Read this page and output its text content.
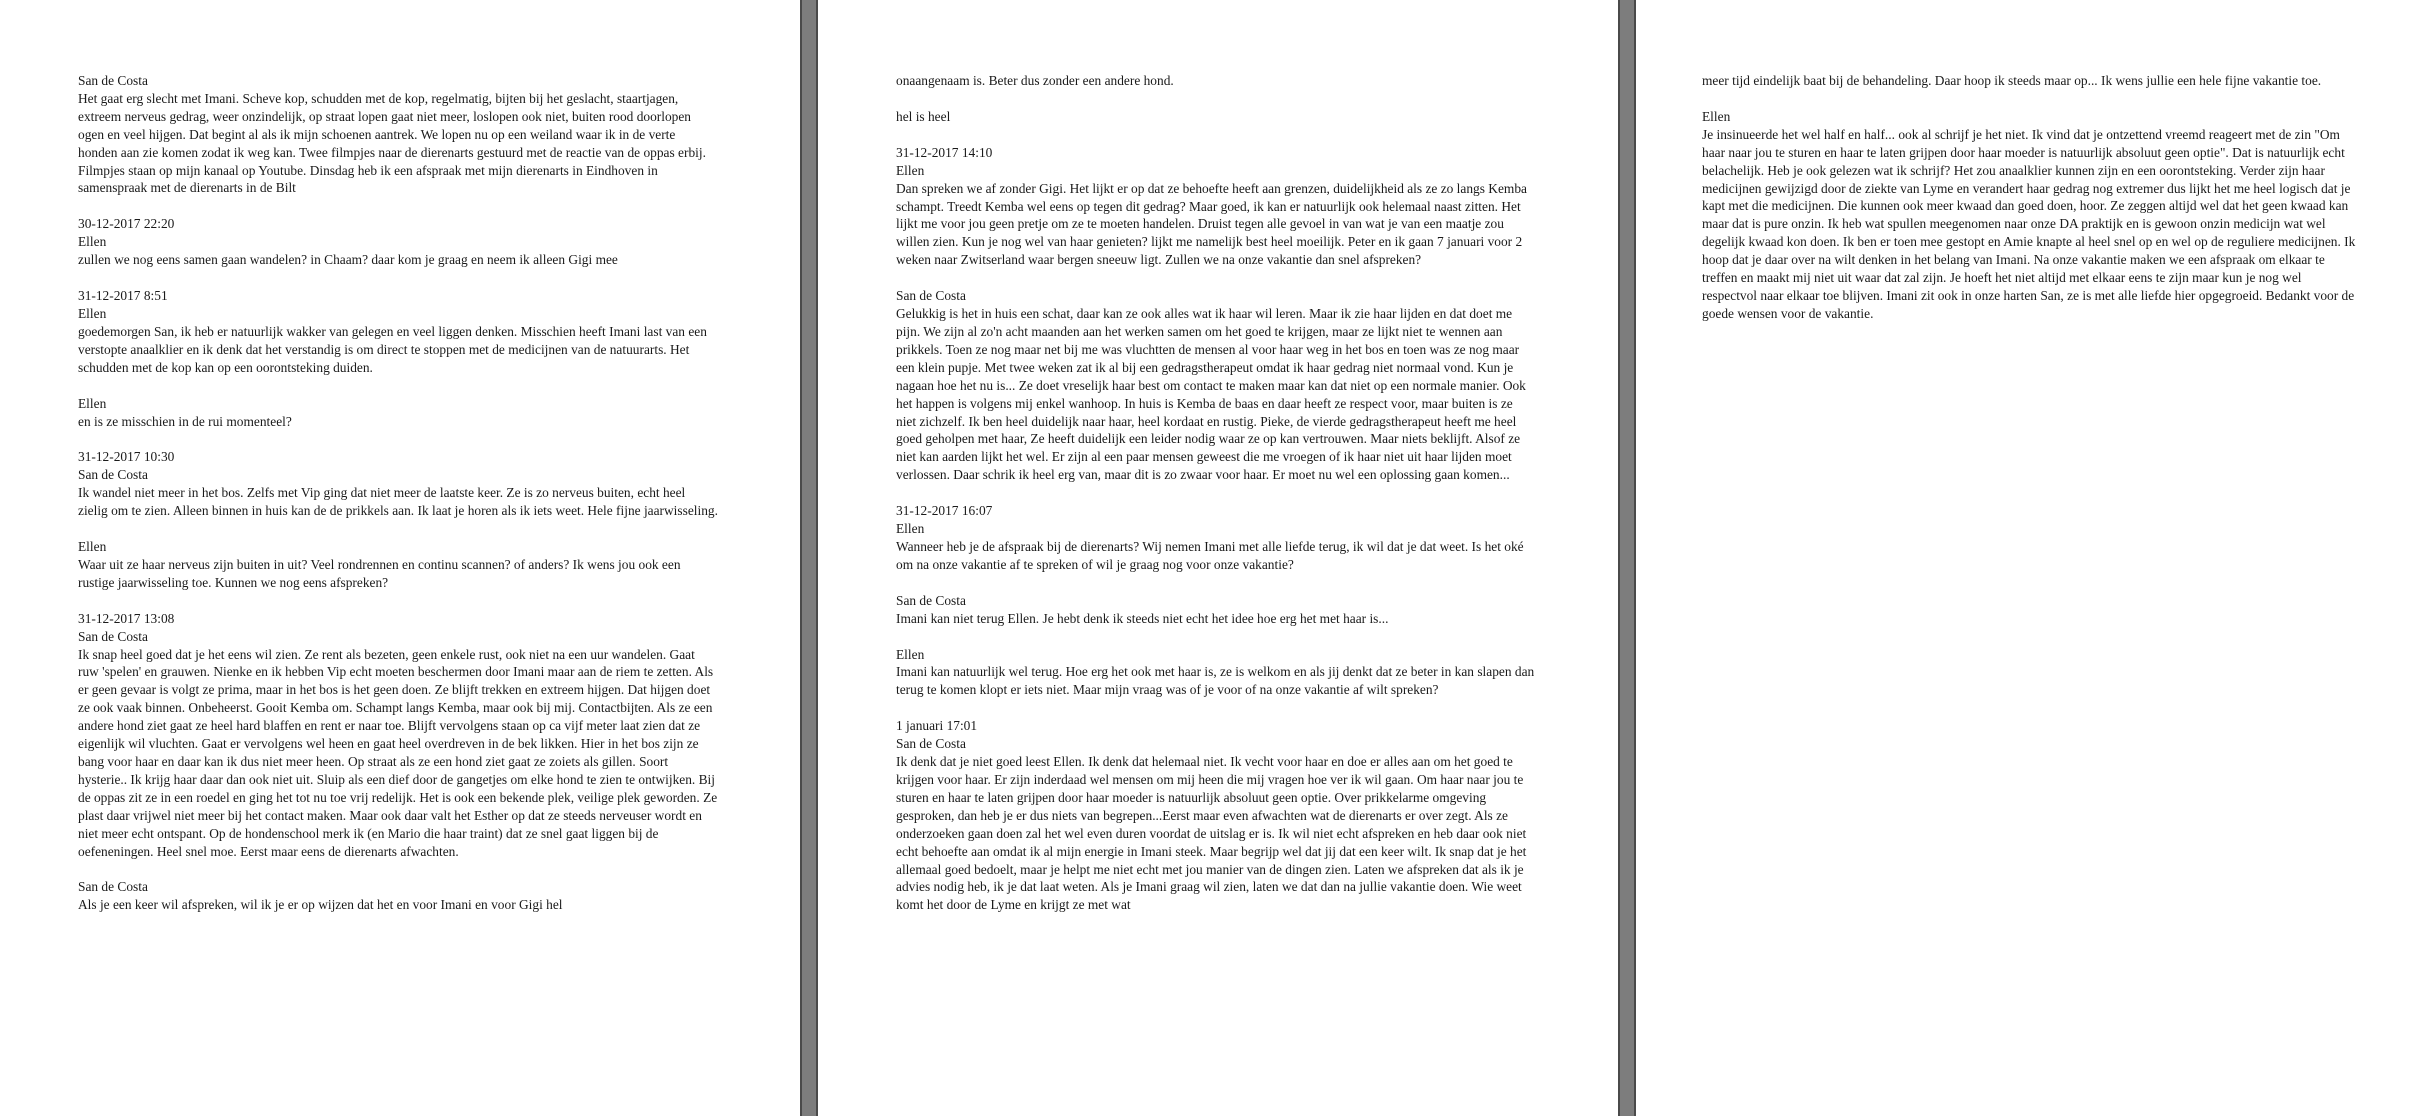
San de Costa
Het gaat erg slecht met Imani. Scheve kop, schudden met de kop, regelmatig, bijten bij het geslacht, staartjagen, extreem nerveus gedrag, weer onzindelijk, op straat lopen gaat niet meer, loslopen ook niet, buiten rood doorlopen ogen en veel hijgen. Dat begint al als ik mijn schoenen aantrek. We lopen nu op een weiland waar ik in de verte honden aan zie komen zodat ik weg kan. Twee filmpjes naar de dierenarts gestuurd met de reactie van de oppas erbij. Filmpjes staan op mijn kanaal op Youtube. Dinsdag heb ik een afspraak met mijn dierenarts in Eindhoven in samenspraak met de dierenarts in de Bilt
30-12-2017 22:20
Ellen
zullen we nog eens samen gaan wandelen? in Chaam? daar kom je graag en neem ik alleen Gigi mee
31-12-2017 8:51
Ellen
goedemorgen San, ik heb er natuurlijk wakker van gelegen en veel liggen denken. Misschien heeft Imani last van een verstopte anaalklier en ik denk dat het verstandig is om direct te stoppen met de medicijnen van de natuurarts. Het schudden met de kop kan op een oorontsteking duiden.
Ellen
en is ze misschien in de rui momenteel?
31-12-2017 10:30
San de Costa
Ik wandel niet meer in het bos. Zelfs met Vip ging dat niet meer de laatste keer. Ze is zo nerveus buiten, echt heel zielig om te zien. Alleen binnen in huis kan de de prikkels aan. Ik laat je horen als ik iets weet. Hele fijne jaarwisseling.
Ellen
Waar uit ze haar nerveus zijn buiten in uit? Veel rondrennen en continu scannen? of anders? Ik wens jou ook een rustige jaarwisseling toe. Kunnen we nog eens afspreken?
31-12-2017 13:08
San de Costa
Ik snap heel goed dat je het eens wil zien. Ze rent als bezeten, geen enkele rust, ook niet na een uur wandelen. Gaat ruw 'spelen' en grauwen. Nienke en ik hebben Vip echt moeten beschermen door Imani maar aan de riem te zetten. Als er geen gevaar is volgt ze prima, maar in het bos is het geen doen. Ze blijft trekken en extreem hijgen. Dat hijgen doet ze ook vaak binnen. Onbeheerst. Gooit Kemba om. Schampt langs Kemba, maar ook bij mij. Contactbijten. Als ze een andere hond ziet gaat ze heel hard blaffen en rent er naar toe. Blijft vervolgens staan op ca vijf meter laat zien dat ze eigenlijk wil vluchten. Gaat er vervolgens wel heen en gaat heel overdreven in de bek likken. Hier in het bos zijn ze bang voor haar en daar kan ik dus niet meer heen. Op straat als ze een hond ziet gaat ze zoiets als gillen. Soort hysterie.. Ik krijg haar daar dan ook niet uit. Sluip als een dief door de gangetjes om elke hond te zien te ontwijken. Bij de oppas zit ze in een roedel en ging het tot nu toe vrij redelijk. Het is ook een bekende plek, veilige plek geworden. Ze plast daar vrijwel niet meer bij het contact maken. Maar ook daar valt het Esther op dat ze steeds nerveuser wordt en niet meer echt ontspant. Op de hondenschool merk ik (en Mario die haar traint) dat ze snel gaat liggen bij de oefeneningen. Heel snel moe. Eerst maar eens de dierenarts afwachten.
San de Costa
Als je een keer wil afspreken, wil ik je er op wijzen dat het en voor Imani en voor Gigi hel
onaangenaam is. Beter dus zonder een andere hond.
hel is heel
31-12-2017 14:10
Ellen
Dan spreken we af zonder Gigi. Het lijkt er op dat ze behoefte heeft aan grenzen, duidelijkheid als ze zo langs Kemba schampt. Treedt Kemba wel eens op tegen dit gedrag? Maar goed, ik kan er natuurlijk ook helemaal naast zitten. Het lijkt me voor jou geen pretje om ze te moeten handelen. Druist tegen alle gevoel in van wat je van een maatje zou willen zien. Kun je nog wel van haar genieten? lijkt me namelijk best heel moeilijk. Peter en ik gaan 7 januari voor 2 weken naar Zwitserland waar bergen sneeuw ligt. Zullen we na onze vakantie dan snel afspreken?
San de Costa
Gelukkig is het in huis een schat, daar kan ze ook alles wat ik haar wil leren. Maar ik zie haar lijden en dat doet me pijn. We zijn al zo'n acht maanden aan het werken samen om het goed te krijgen, maar ze lijkt niet te wennen aan prikkels. Toen ze nog maar net bij me was vluchtten de mensen al voor haar weg in het bos en toen was ze nog maar een klein pupje. Met twee weken zat ik al bij een gedragstherapeut omdat ik haar gedrag niet normaal vond. Kun je nagaan hoe het nu is... Ze doet vreselijk haar best om contact te maken maar kan dat niet op een normale manier. Ook het happen is volgens mij enkel wanhoop. In huis is Kemba de baas en daar heeft ze respect voor, maar buiten is ze niet zichzelf. Ik ben heel duidelijk naar haar, heel kordaat en rustig. Pieke, de vierde gedragstherapeut heeft me heel goed geholpen met haar, Ze heeft duidelijk een leider nodig waar ze op kan vertrouwen. Maar niets beklijft. Alsof ze niet kan aarden lijkt het wel. Er zijn al een paar mensen geweest die me vroegen of ik haar niet uit haar lijden moet verlossen. Daar schrik ik heel erg van, maar dit is zo zwaar voor haar. Er moet nu wel een oplossing gaan komen...
31-12-2017 16:07
Ellen
Wanneer heb je de afspraak bij de dierenarts? Wij nemen Imani met alle liefde terug, ik wil dat je dat weet. Is het oké om na onze vakantie af te spreken of wil je graag nog voor onze vakantie?
San de Costa
Imani kan niet terug Ellen. Je hebt denk ik steeds niet echt het idee hoe erg het met haar is...
Ellen
Imani kan natuurlijk wel terug. Hoe erg het ook met haar is, ze is welkom en als jij denkt dat ze beter in kan slapen dan terug te komen klopt er iets niet. Maar mijn vraag was of je voor of na onze vakantie af wilt spreken?
1 januari 17:01
San de Costa
Ik denk dat je niet goed leest Ellen. Ik denk dat helemaal niet. Ik vecht voor haar en doe er alles aan om het goed te krijgen voor haar. Er zijn inderdaad wel mensen om mij heen die mij vragen hoe ver ik wil gaan. Om haar naar jou te sturen en haar te laten grijpen door haar moeder is natuurlijk absoluut geen optie. Over prikkelarme omgeving gesproken, dan heb je er dus niets van begrepen...Eerst maar even afwachten wat de dierenarts er over zegt. Als ze onderzoeken gaan doen zal het wel even duren voordat de uitslag er is. Ik wil niet echt afspreken en heb daar ook niet echt behoefte aan omdat ik al mijn energie in Imani steek. Maar begrijp wel dat jij dat een keer wilt. Ik snap dat je het allemaal goed bedoelt, maar je helpt me niet echt met jou manier van de dingen zien. Laten we afspreken dat als ik je advies nodig heb, ik je dat laat weten. Als je Imani graag wil zien, laten we dat dan na jullie vakantie doen. Wie weet komt het door de Lyme en krijgt ze met wat
meer tijd eindelijk baat bij de behandeling. Daar hoop ik steeds maar op... Ik wens jullie een hele fijne vakantie toe.
Ellen
Je insinueerde het wel half en half... ook al schrijf je het niet. Ik vind dat je ontzettend vreemd reageert met de zin "Om haar naar jou te sturen en haar te laten grijpen door haar moeder is natuurlijk absoluut geen optie". Dat is natuurlijk echt belachelijk. Heb je ook gelezen wat ik schrijf? Het zou anaalklier kunnen zijn en een oorontsteking. Verder zijn haar medicijnen gewijzigd door de ziekte van Lyme en verandert haar gedrag nog extremer dus lijkt het me heel logisch dat je kapt met die medicijnen. Die kunnen ook meer kwaad dan goed doen, hoor. Ze zeggen altijd wel dat het geen kwaad kan maar dat is pure onzin. Ik heb wat spullen meegenomen naar onze DA praktijk en is gewoon onzin medicijn wat wel degelijk kwaad kon doen. Ik ben er toen mee gestopt en Amie knapte al heel snel op en wel op de reguliere medicijnen. Ik hoop dat je daar over na wilt denken in het belang van Imani. Na onze vakantie maken we een afspraak om elkaar te treffen en maakt mij niet uit waar dat zal zijn. Je hoeft het niet altijd met elkaar eens te zijn maar kun je nog wel respectvol naar elkaar toe blijven. Imani zit ook in onze harten San, ze is met alle liefde hier opgegroeid. Bedankt voor de goede wensen voor de vakantie.
